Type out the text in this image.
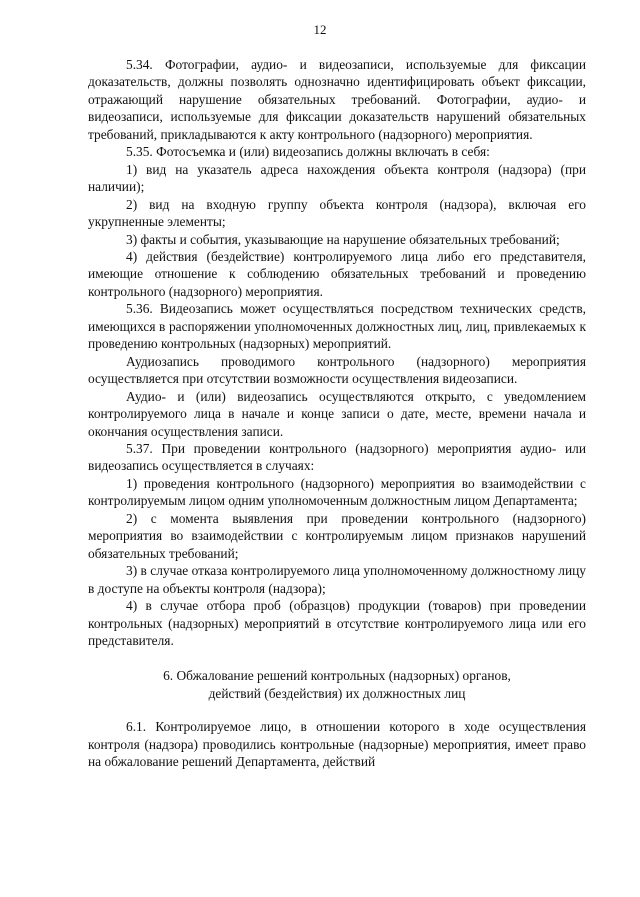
12

5.34. Фотографии, аудио- и видеозаписи, используемые для фиксации доказательств, должны позволять однозначно идентифицировать объект фиксации, отражающий нарушение обязательных требований. Фотографии, аудио- и видеозаписи, используемые для фиксации доказательств нарушений обязательных требований, прикладываются к акту контрольного (надзорного) мероприятия.

5.35. Фотосъемка и (или) видеозапись должны включать в себя:

1) вид на указатель адреса нахождения объекта контроля (надзора) (при наличии);

2) вид на входную группу объекта контроля (надзора), включая его укрупненные элементы;

3) факты и события, указывающие на нарушение обязательных требований;

4) действия (бездействие) контролируемого лица либо его представителя, имеющие отношение к соблюдению обязательных требований и проведению контрольного (надзорного) мероприятия.

5.36. Видеозапись может осуществляться посредством технических средств, имеющихся в распоряжении уполномоченных должностных лиц, лиц, привлекаемых к проведению контрольных (надзорных) мероприятий.

Аудиозапись проводимого контрольного (надзорного) мероприятия осуществляется при отсутствии возможности осуществления видеозаписи.

Аудио- и (или) видеозапись осуществляются открыто, с уведомлением контролируемого лица в начале и конце записи о дате, месте, времени начала и окончания осуществления записи.

5.37. При проведении контрольного (надзорного) мероприятия аудио- или видеозапись осуществляется в случаях:

1) проведения контрольного (надзорного) мероприятия во взаимодействии с контролируемым лицом одним уполномоченным должностным лицом Департамента;

2) с момента выявления при проведении контрольного (надзорного) мероприятия во взаимодействии с контролируемым лицом признаков нарушений обязательных требований;

3) в случае отказа контролируемого лица уполномоченному должностному лицу в доступе на объекты контроля (надзора);

4) в случае отбора проб (образцов) продукции (товаров) при проведении контрольных (надзорных) мероприятий в отсутствие контролируемого лица или его представителя.

6. Обжалование решений контрольных (надзорных) органов,
действий (бездействия) их должностных лиц

6.1. Контролируемое лицо, в отношении которого в ходе осуществления контроля (надзора) проводились контрольные (надзорные) мероприятия, имеет право на обжалование решений Департамента, действий
